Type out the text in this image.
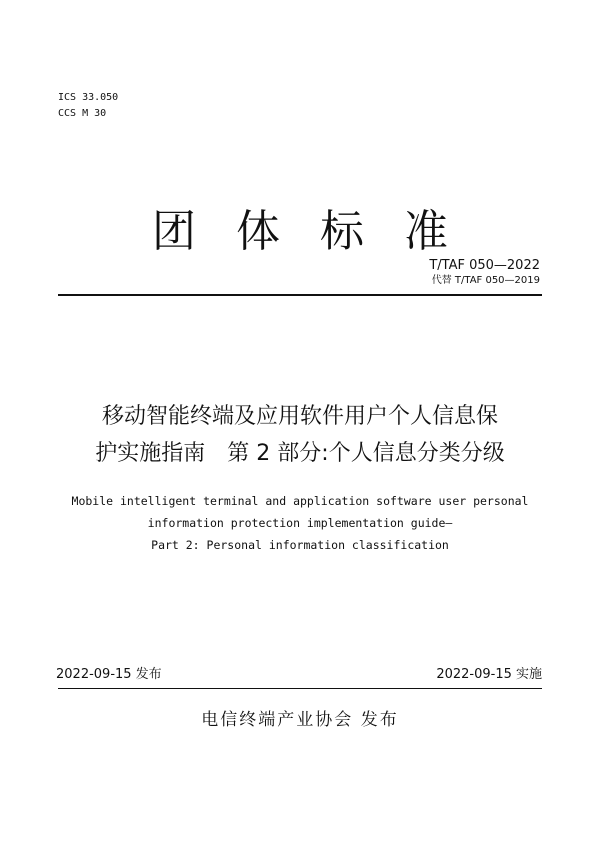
ICS 33.050
CCS M 30
团体标准
T/TAF 050—2022
代替 T/TAF 050—2019
移动智能终端及应用软件用户个人信息保
护实施指南　第 2 部分:个人信息分类分级
Mobile intelligent terminal and application software user personal
information protection implementation guide—
Part 2: Personal information classification
2022-09-15 发布	2022-09-15 实施
电信终端产业协会 发布
